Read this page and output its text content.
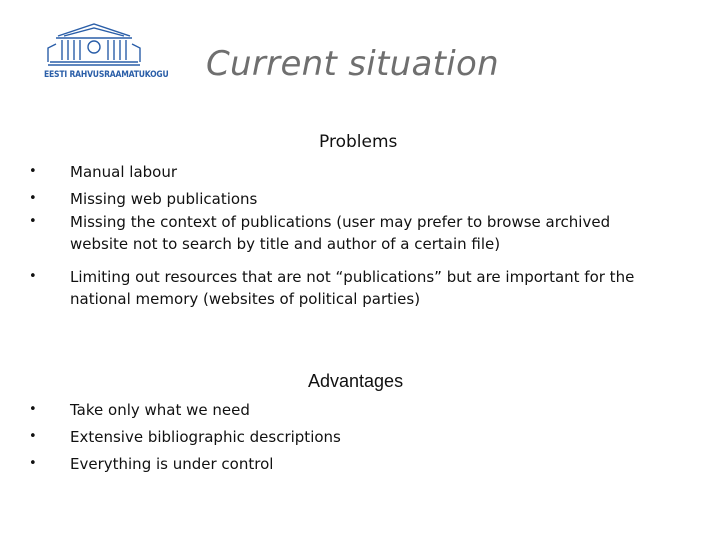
EESTI RAHVUSRAAMATUKOGU Current situation
Problems
• Manual labour
• Missing web publications
• Missing the context of publications (user may prefer to browse archived website not to search by title and author of a certain file)
• Limiting out resources that are not “publications” but are important for the national memory (websites of political parties)
Advantages
• Take only what we need
• Extensive bibliographic descriptions
• Everything is under control
